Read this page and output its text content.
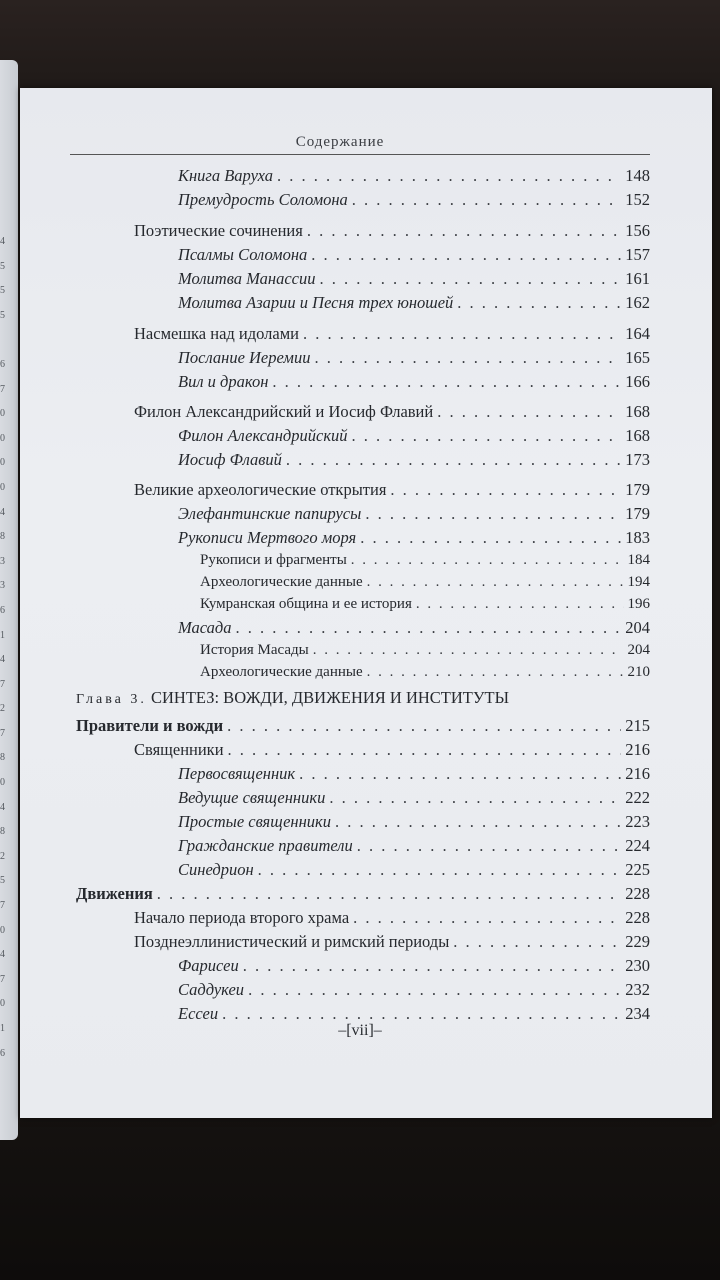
4
5
5
5
6
7
0
0
0
0
4
8
3
3
6
1
4
7
2
7
8
0
4
8
2
5
7
0
4
7
0
1
6
Содержание
Книга Варуха . . .	148
Премудрость Соломона . . .	152
Поэтические сочинения . . .	156
Псалмы Соломона . . .	157
Молитва Манассии . . .	161
Молитва Азарии и Песня трех юношей . . .	162
Насмешка над идолами . . .	164
Послание Иеремии . . .	165
Вил и дракон . . .	166
Филон Александрийский и Иосиф Флавий . . .	168
Филон Александрийский . . .	168
Иосиф Флавий . . .	173
Великие археологические открытия . . .	179
Элефантинские папирусы . . .	179
Рукописи Мертвого моря . . .	183
Рукописи и фрагменты . . .	184
Археологические данные . . .	194
Кумранская община и ее история . . .	196
Масада . . .	204
История Масады . . .	204
Археологические данные . . .	210
Правители и вожди . . .	215
Священники . . .	216
Первосвященник . . .	216
Ведущие священники . . .	222
Простые священники . . .	223
Гражданские правители . . .	224
Синедрион . . .	225
Движения . . .	228
Начало периода второго храма . . .	228
Позднеэллинистический и римский периоды . . .	229
Фарисеи . . .	230
Саддукеи . . .	232
Ессеи . . .	234
Глава 3. СИНТЕЗ: ВОЖДИ, ДВИЖЕНИЯ И ИНСТИТУТЫ
–[vii]–
